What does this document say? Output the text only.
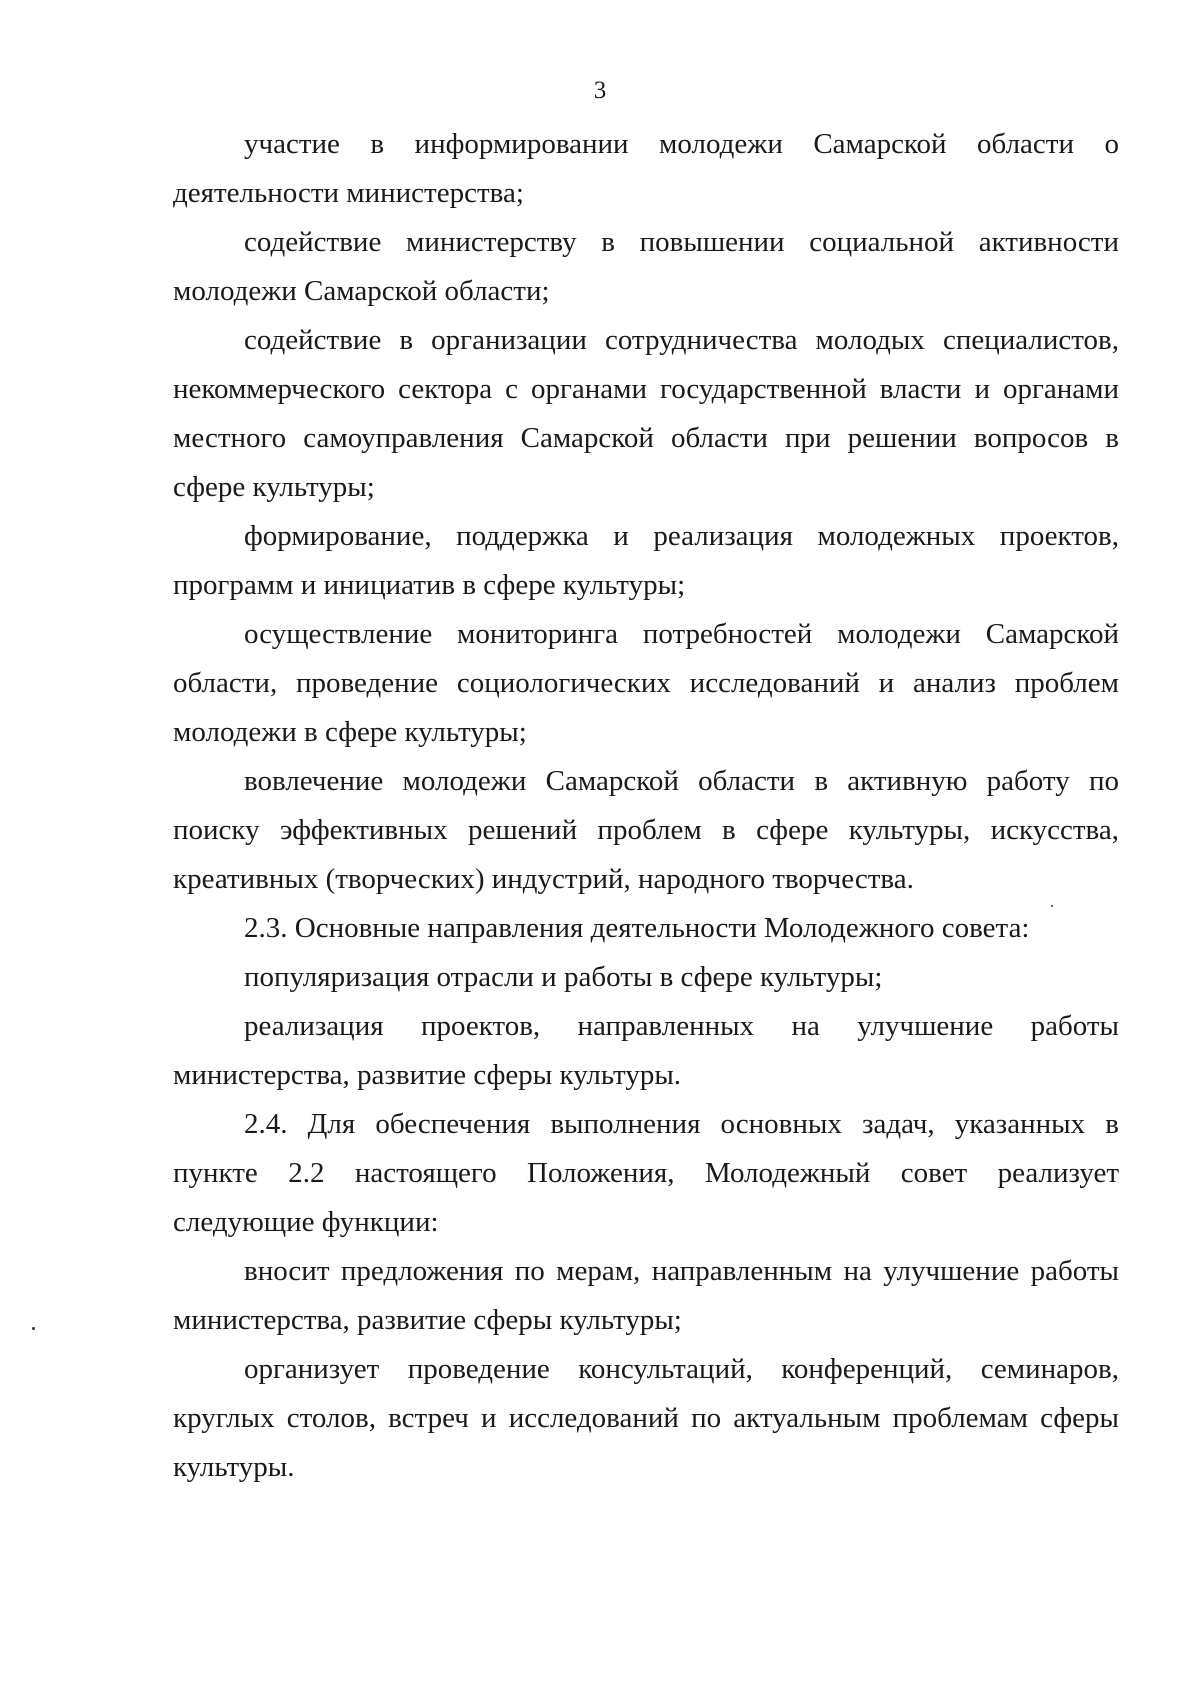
3

участие в информировании молодежи Самарской области о деятельности министерства;

содействие министерству в повышении социальной активности молодежи Самарской области;

содействие в организации сотрудничества молодых специалистов, некоммерческого сектора с органами государственной власти и органами местного самоуправления Самарской области при решении вопросов в сфере культуры;

формирование, поддержка и реализация молодежных проектов, программ и инициатив в сфере культуры;

осуществление мониторинга потребностей молодежи Самарской области, проведение социологических исследований и анализ проблем молодежи в сфере культуры;

вовлечение молодежи Самарской области в активную работу по поиску эффективных решений проблем в сфере культуры, искусства, креативных (творческих) индустрий, народного творчества.

2.3. Основные направления деятельности Молодежного совета:

популяризация отрасли и работы в сфере культуры;

реализация проектов, направленных на улучшение работы министерства, развитие сферы культуры.

2.4. Для обеспечения выполнения основных задач, указанных в пункте 2.2 настоящего Положения, Молодежный совет реализует следующие функции:

вносит предложения по мерам, направленным на улучшение работы министерства, развитие сферы культуры;

организует проведение консультаций, конференций, семинаров, круглых столов, встреч и исследований по актуальным проблемам сферы культуры.
